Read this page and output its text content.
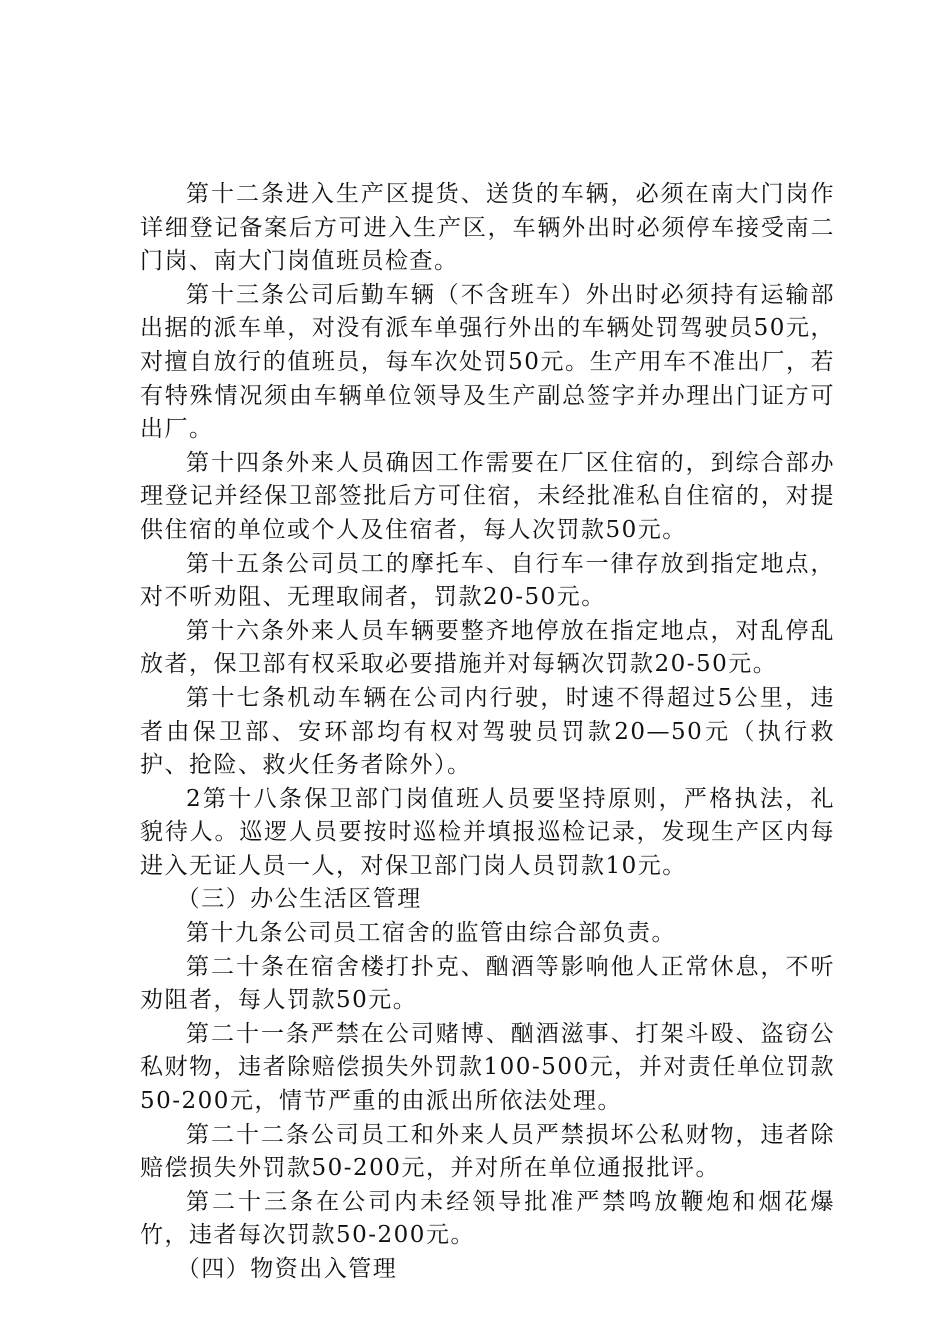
第十二条进入生产区提货、送货的车辆，必须在南大门岗作详细登记备案后方可进入生产区，车辆外出时必须停车接受南二门岗、南大门岗值班员检查。

第十三条公司后勤车辆（不含班车）外出时必须持有运输部出据的派车单，对没有派车单强行外出的车辆处罚驾驶员50元，对擅自放行的值班员，每车次处罚50元。生产用车不准出厂，若有特殊情况须由车辆单位领导及生产副总签字并办理出门证方可出厂。

第十四条外来人员确因工作需要在厂区住宿的，到综合部办理登记并经保卫部签批后方可住宿，未经批准私自住宿的，对提供住宿的单位或个人及住宿者，每人次罚款50元。

第十五条公司员工的摩托车、自行车一律存放到指定地点，对不听劝阻、无理取闹者，罚款20-50元。

第十六条外来人员车辆要整齐地停放在指定地点，对乱停乱放者，保卫部有权采取必要措施并对每辆次罚款20-50元。

第十七条机动车辆在公司内行驶，时速不得超过5公里，违者由保卫部、安环部均有权对驾驶员罚款20—50元（执行救护、抢险、救火任务者除外）。

2第十八条保卫部门岗值班人员要坚持原则，严格执法，礼貌待人。巡逻人员要按时巡检并填报巡检记录，发现生产区内每进入无证人员一人，对保卫部门岗人员罚款10元。

（三）办公生活区管理

第十九条公司员工宿舍的监管由综合部负责。

第二十条在宿舍楼打扑克、酗酒等影响他人正常休息，不听劝阻者，每人罚款50元。

第二十一条严禁在公司赌博、酗酒滋事、打架斗殴、盗窃公私财物，违者除赔偿损失外罚款100-500元，并对责任单位罚款50-200元，情节严重的由派出所依法处理。

第二十二条公司员工和外来人员严禁损坏公私财物，违者除赔偿损失外罚款50-200元，并对所在单位通报批评。

第二十三条在公司内未经领导批准严禁鸣放鞭炮和烟花爆竹，违者每次罚款50-200元。

（四）物资出入管理
